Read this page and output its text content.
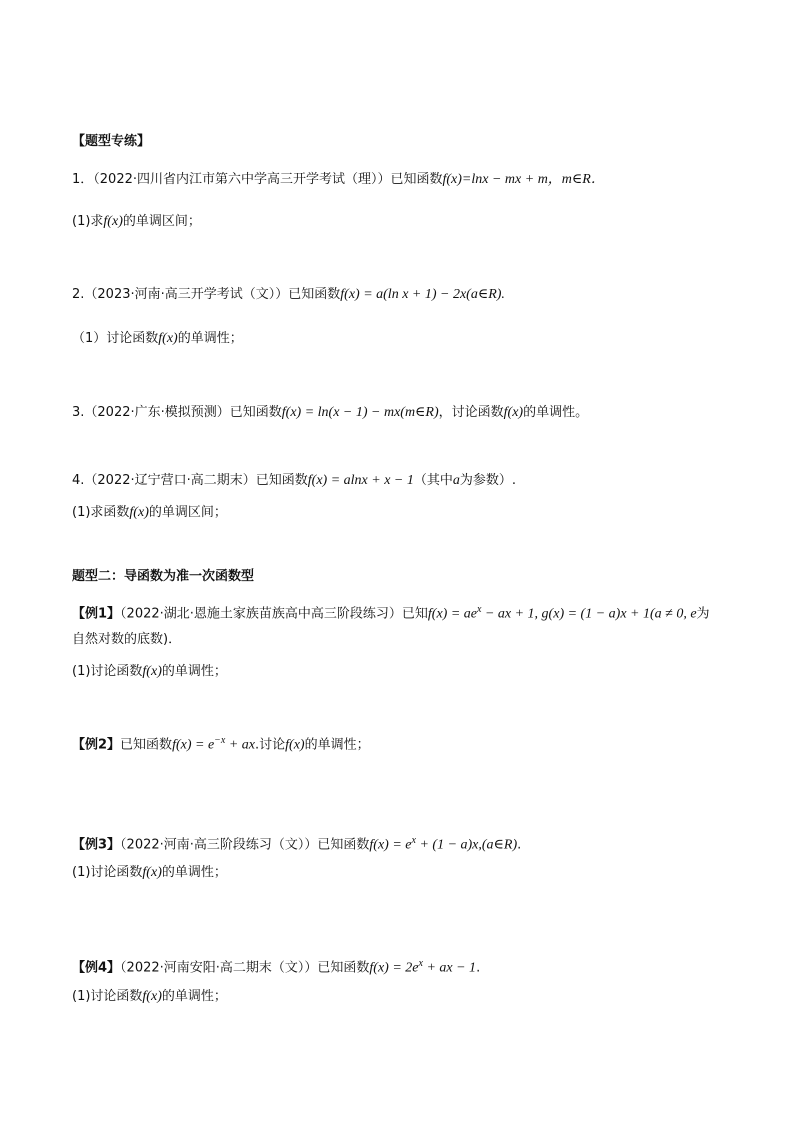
【题型专练】
1．（2022·四川省内江市第六中学高三开学考试（理））已知函数f(x)=lnx − mx + m，m∈R．
(1)求f(x)的单调区间；
2.（2023·河南·高三开学考试（文））已知函数f(x) = a(ln x + 1) − 2x(a∈R).
（1）讨论函数f(x)的单调性；
3.（2022·广东·模拟预测）已知函数f(x) = ln(x − 1) − mx(m∈R)，讨论函数f(x)的单调性。
4.（2022·辽宁营口·高二期末）已知函数f(x) = alnx + x − 1（其中a为参数）.
(1)求函数f(x)的单调区间；
题型二：导函数为准一次函数型
【例1】（2022·湖北·恩施土家族苗族高中高三阶段练习）已知$f(x) = ae^x$ − ax + 1, g(x) = (1 − a)x + 1(a ≠ 0, e为
自然对数的底数)．
(1)讨论函数f(x)的单调性；
【例2】已知函数$f(x) = e^{-x}$ + ax.讨论f(x)的单调性；
【例3】（2022·河南·高三阶段练习（文））已知函数$f(x) = e^x + (1$ − a)x,(a∈R).
(1)讨论函数f(x)的单调性；
【例4】（2022·河南安阳·高二期末（文））已知函数$f(x) = 2e^x$ + ax − 1.
(1)讨论函数f(x)的单调性；
